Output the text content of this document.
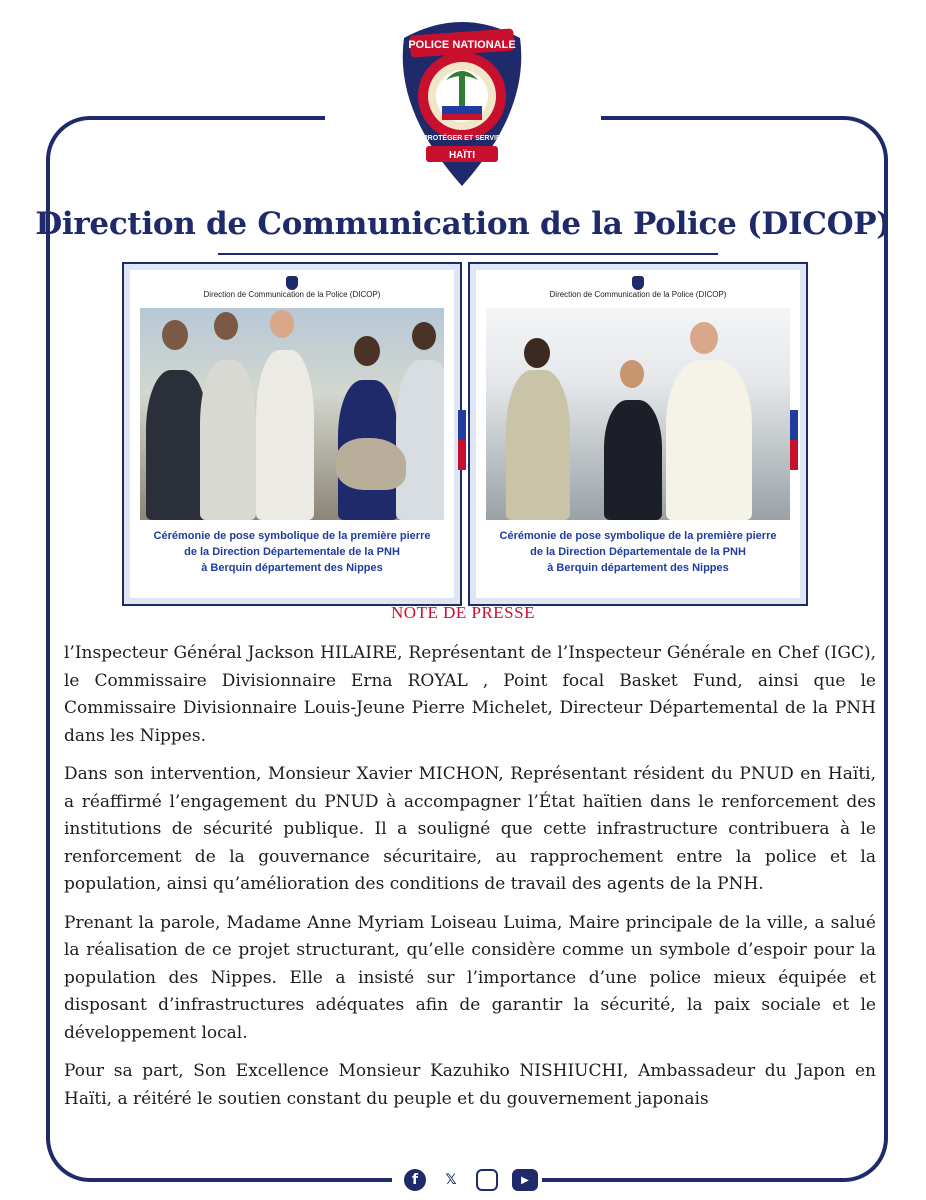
POLICE NATIONALE
HAÏTI
PROTÉGER ET SERVIR
Direction de Communication de la Police (DICOP)
Direction de Communication de la Police (DICOP)
Cérémonie de pose symbolique de la première pierre
de la Direction Départementale de la PNH
à Berquin département des Nippes
Direction de Communication de la Police (DICOP)
Cérémonie de pose symbolique de la première pierre
de la Direction Départementale de la PNH
à Berquin département des Nippes
NOTE DE PRESSE

l’Inspecteur Général Jackson HILAIRE, Représentant de l’Inspecteur Générale en Chef (IGC), le Commissaire Divisionnaire Erna ROYAL , Point focal Basket Fund, ainsi que le Commissaire Divisionnaire Louis-Jeune Pierre Michelet, Directeur Départemental de la PNH dans les Nippes.

Dans son intervention, Monsieur Xavier MICHON, Représentant résident du PNUD en Haïti, a réaffirmé l’engagement du PNUD à accompagner l’État haïtien dans le renforcement des institutions de sécurité publique. Il a souligné que cette infrastructure contribuera à le renforcement de la gouvernance sécuritaire, au rapprochement entre la police et la population, ainsi qu’amélioration des conditions de travail des agents de la PNH.

Prenant la parole, Madame Anne Myriam Loiseau Luima, Maire principale de la ville, a salué la réalisation de ce projet structurant, qu’elle considère comme un symbole d’espoir pour la population des Nippes. Elle a insisté sur l’importance d’une police mieux équipée et disposant d’infrastructures adéquates afin de garantir la sécurité, la paix sociale et le développement local.

Pour sa part, Son Excellence Monsieur Kazuhiko NISHIUCHI, Ambassadeur du Japon en Haïti, a réitéré le soutien constant du peuple et du gouvernement japonais

f	𝕏	▶
